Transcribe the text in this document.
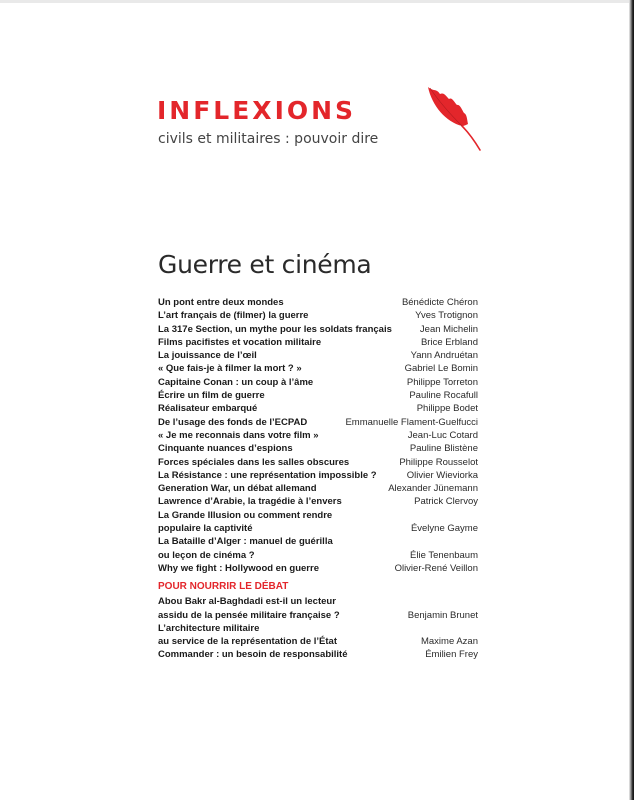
INFLEXIONS
civils et militaires : pouvoir dire
Guerre et cinéma
Un pont entre deux mondes	Bénédicte Chéron
L’art français de (filmer) la guerre	Yves Trotignon
La 317e Section, un mythe pour les soldats français	Jean Michelin
Films pacifistes et vocation militaire	Brice Erbland
La jouissance de l’œil	Yann Andruétan
« Que fais-je à filmer la mort ? »	Gabriel Le Bomin
Capitaine Conan : un coup à l’âme	Philippe Torreton
Écrire un film de guerre	Pauline Rocafull
Réalisateur embarqué	Philippe Bodet
De l’usage des fonds de l’ECPAD	Emmanuelle Flament-Guelfucci
« Je me reconnais dans votre film »	Jean-Luc Cotard
Cinquante nuances d’espions	Pauline Blistène
Forces spéciales dans les salles obscures	Philippe Rousselot
La Résistance : une représentation impossible ?	Olivier Wieviorka
Generation War, un débat allemand	Alexander Jünemann
Lawrence d’Arabie, la tragédie à l’envers	Patrick Clervoy
La Grande Illusion ou comment rendre
populaire la captivité	Évelyne Gayme
La Bataille d’Alger : manuel de guérilla
ou leçon de cinéma ?	Élie Tenenbaum
Why we fight : Hollywood en guerre	Olivier-René Veillon
POUR NOURRIR LE DÉBAT
Abou Bakr al-Baghdadi est-il un lecteur
assidu de la pensée militaire française ?	Benjamin Brunet
L’architecture militaire
au service de la représentation de l’État	Maxime Azan
Commander : un besoin de responsabilité	Émilien Frey
